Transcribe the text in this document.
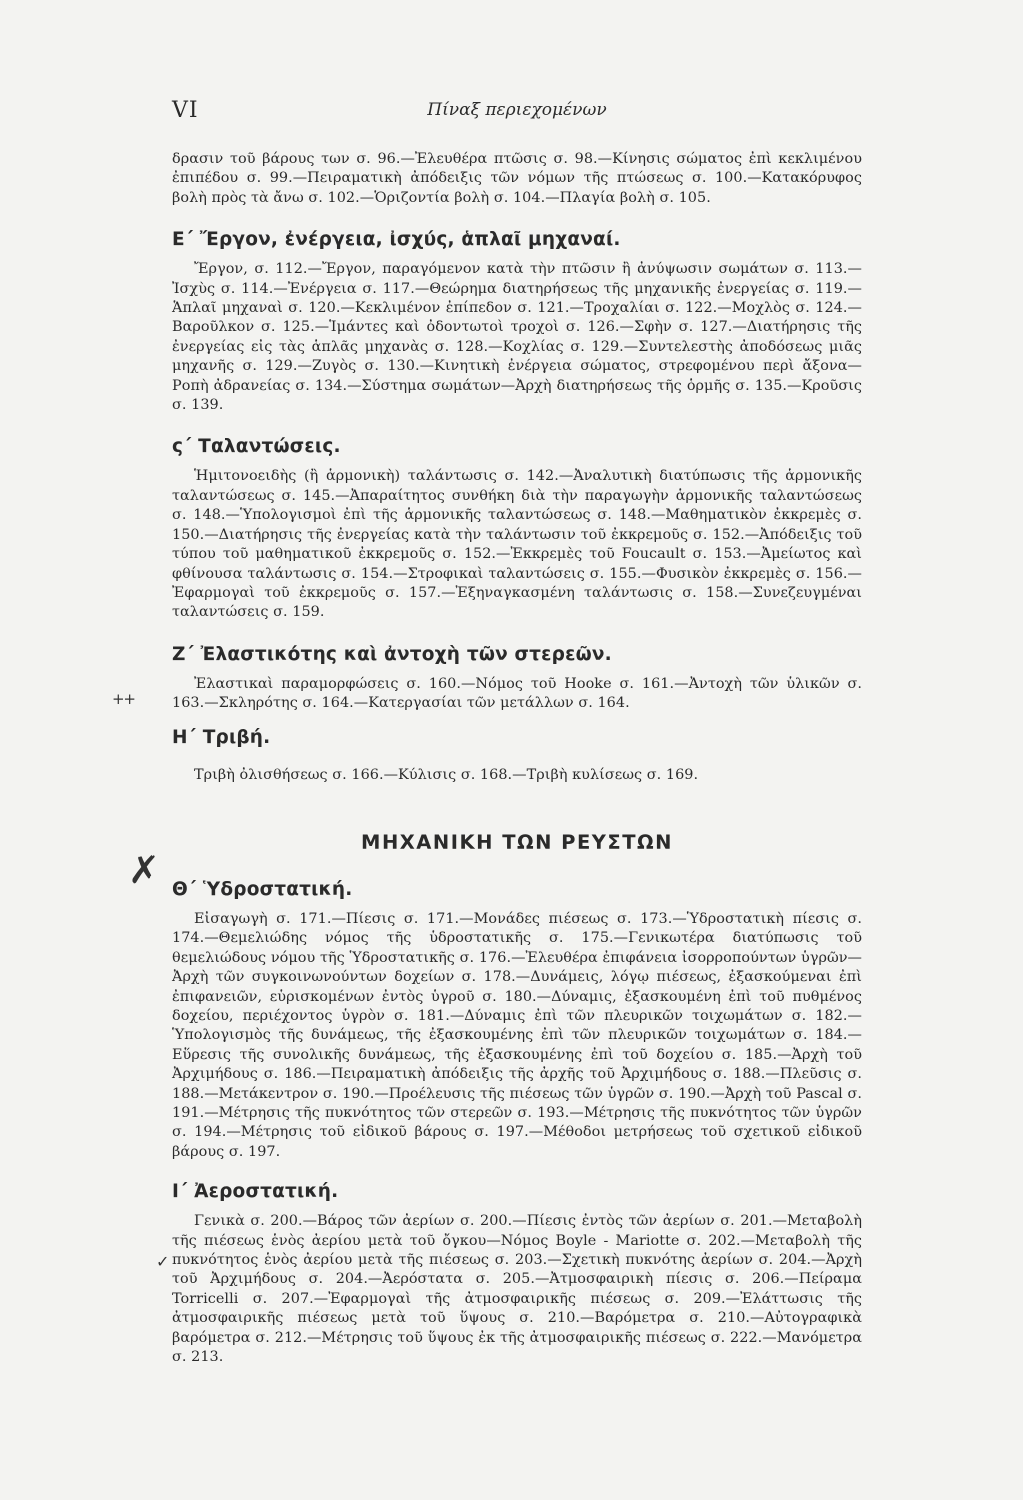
VI	Πίναξ περιεχομένων

δρασιν τοῦ βάρους των σ. 96.—Ἐλευθέρα πτῶσις σ. 98.—Κίνησις σώματος ἐπὶ κεκλιμένου ἐπιπέδου σ. 99.—Πειραματικὴ ἀπόδειξις τῶν νόμων τῆς πτώσεως σ. 100.—Κατακόρυφος βολὴ πρὸς τὰ ἄνω σ. 102.—Ὁριζοντία βολὴ σ. 104.—Πλαγία βολὴ σ. 105.

Ε΄ Ἔργον, ἐνέργεια, ἰσχύς, ἁπλαῖ μηχαναί.

Ἔργον, σ. 112.—Ἔργον, παραγόμενον κατὰ τὴν πτῶσιν ἢ ἀνύψωσιν σωμάτων σ. 113.—Ἰσχὺς σ. 114.—Ἐνέργεια σ. 117.—Θεώρημα διατηρήσεως τῆς μηχανικῆς ἐνεργείας σ. 119.—Ἁπλαῖ μηχαναὶ σ. 120.—Κεκλιμένον ἐπίπεδον σ. 121.—Τροχαλίαι σ. 122.—Μοχλὸς σ. 124.—Βαροῦλκον σ. 125.—Ἱμάντες καὶ ὀδοντωτοὶ τροχοὶ σ. 126.—Σφὴν σ. 127.—Διατήρησις τῆς ἐνεργείας εἰς τὰς ἁπλᾶς μηχανὰς σ. 128.—Κοχλίας σ. 129.—Συντελεστὴς ἀποδόσεως μιᾶς μηχανῆς σ. 129.—Ζυγὸς σ. 130.—Κινητικὴ ἐνέργεια σώματος, στρεφομένου περὶ ἄξονα—Ροπὴ ἀδρανείας σ. 134.—Σύστημα σωμάτων—Ἀρχὴ διατηρήσεως τῆς ὁρμῆς σ. 135.—Κροῦσις σ. 139.

ς΄ Ταλαντώσεις.

Ἡμιτονοειδὴς (ἢ ἁρμονικὴ) ταλάντωσις σ. 142.—Ἀναλυτικὴ διατύπωσις τῆς ἁρμονικῆς ταλαντώσεως σ. 145.—Ἀπαραίτητος συνθήκη διὰ τὴν παραγωγὴν ἁρμονικῆς ταλαντώσεως σ. 148.—Ὑπολογισμοὶ ἐπὶ τῆς ἁρμονικῆς ταλαντώσεως σ. 148.—Μαθηματικὸν ἐκκρεμὲς σ. 150.—Διατήρησις τῆς ἐνεργείας κατὰ τὴν ταλάντωσιν τοῦ ἐκκρεμοῦς σ. 152.—Ἀπόδειξις τοῦ τύπου τοῦ μαθηματικοῦ ἐκκρεμοῦς σ. 152.—Ἐκκρεμὲς τοῦ Foucault σ. 153.—Ἀμείωτος καὶ φθίνουσα ταλάντωσις σ. 154.—Στροφικαὶ ταλαντώσεις σ. 155.—Φυσικὸν ἐκκρεμὲς σ. 156.—Ἐφαρμογαὶ τοῦ ἐκκρεμοῦς σ. 157.—Ἐξηναγκασμένη ταλάντωσις σ. 158.—Συνεζευγμέναι ταλαντώσεις σ. 159.

Ζ΄ Ἐλαστικότης καὶ ἀντοχὴ τῶν στερεῶν.

Ἐλαστικαὶ παραμορφώσεις σ. 160.—Νόμος τοῦ Hooke σ. 161.—Ἀντοχὴ τῶν ὑλικῶν σ. 163.—Σκληρότης σ. 164.—Κατεργασίαι τῶν μετάλλων σ. 164.

Η΄ Τριβή.

Τριβὴ ὀλισθήσεως σ. 166.—Κύλισις σ. 168.—Τριβὴ κυλίσεως σ. 169.

ΜΗΧΑΝΙΚΗ ΤΩΝ ΡΕΥΣΤΩΝ

Θ΄ Ὑδροστατική.

Εἰσαγωγὴ σ. 171.—Πίεσις σ. 171.—Μονάδες πιέσεως σ. 173.—Ὑδροστατικὴ πίεσις σ. 174.—Θεμελιώδης νόμος τῆς ὑδροστατικῆς σ. 175.—Γενικωτέρα διατύπωσις τοῦ θεμελιώδους νόμου τῆς Ὑδροστατικῆς σ. 176.—Ἐλευθέρα ἐπιφάνεια ἰσορροπούντων ὑγρῶν—Ἀρχὴ τῶν συγκοινωνούντων δοχείων σ. 178.—Δυνάμεις, λόγῳ πιέσεως, ἐξασκούμεναι ἐπὶ ἐπιφανειῶν, εὑρισκομένων ἐντὸς ὑγροῦ σ. 180.—Δύναμις, ἐξασκουμένη ἐπὶ τοῦ πυθμένος δοχείου, περιέχοντος ὑγρὸν σ. 181.—Δύναμις ἐπὶ τῶν πλευρικῶν τοιχωμάτων σ. 182.—Ὑπολογισμὸς τῆς δυνάμεως, τῆς ἐξασκουμένης ἐπὶ τῶν πλευρικῶν τοιχωμάτων σ. 184.—Εὕρεσις τῆς συνολικῆς δυνάμεως, τῆς ἐξασκουμένης ἐπὶ τοῦ δοχείου σ. 185.—Ἀρχὴ τοῦ Ἀρχιμήδους σ. 186.—Πειραματικὴ ἀπόδειξις τῆς ἀρχῆς τοῦ Ἀρχιμήδους σ. 188.—Πλεῦσις σ. 188.—Μετάκεντρον σ. 190.—Προέλευσις τῆς πιέσεως τῶν ὑγρῶν σ. 190.—Ἀρχὴ τοῦ Pascal σ. 191.—Μέτρησις τῆς πυκνότητος τῶν στερεῶν σ. 193.—Μέτρησις τῆς πυκνότητος τῶν ὑγρῶν σ. 194.—Μέτρησις τοῦ εἰδικοῦ βάρους σ. 197.—Μέθοδοι μετρήσεως τοῦ σχετικοῦ εἰδικοῦ βάρους σ. 197.

Ι΄ Ἀεροστατική.

Γενικὰ σ. 200.—Βάρος τῶν ἀερίων σ. 200.—Πίεσις ἐντὸς τῶν ἀερίων σ. 201.—Μεταβολὴ τῆς πιέσεως ἑνὸς ἀερίου μετὰ τοῦ ὄγκου—Νόμος Boyle - Mariotte σ. 202.—Μεταβολὴ τῆς πυκνότητος ἑνὸς ἀερίου μετὰ τῆς πιέσεως σ. 203.—Σχετικὴ πυκνότης ἀερίων σ. 204.—Ἀρχὴ τοῦ Ἀρχιμήδους σ. 204.—Ἀερόστατα σ. 205.—Ἀτμοσφαιρικὴ πίεσις σ. 206.—Πείραμα Torricelli σ. 207.—Ἐφαρμογαὶ τῆς ἀτμοσφαιρικῆς πιέσεως σ. 209.—Ἐλάττωσις τῆς ἀτμοσφαιρικῆς πιέσεως μετὰ τοῦ ὕψους σ. 210.—Βαρόμετρα σ. 210.—Αὐτογραφικὰ βαρόμετρα σ. 212.—Μέτρησις τοῦ ὕψους ἐκ τῆς ἀτμοσφαιρικῆς πιέσεως σ. 222.—Μανόμετρα σ. 213.

+ +
✗
✓
